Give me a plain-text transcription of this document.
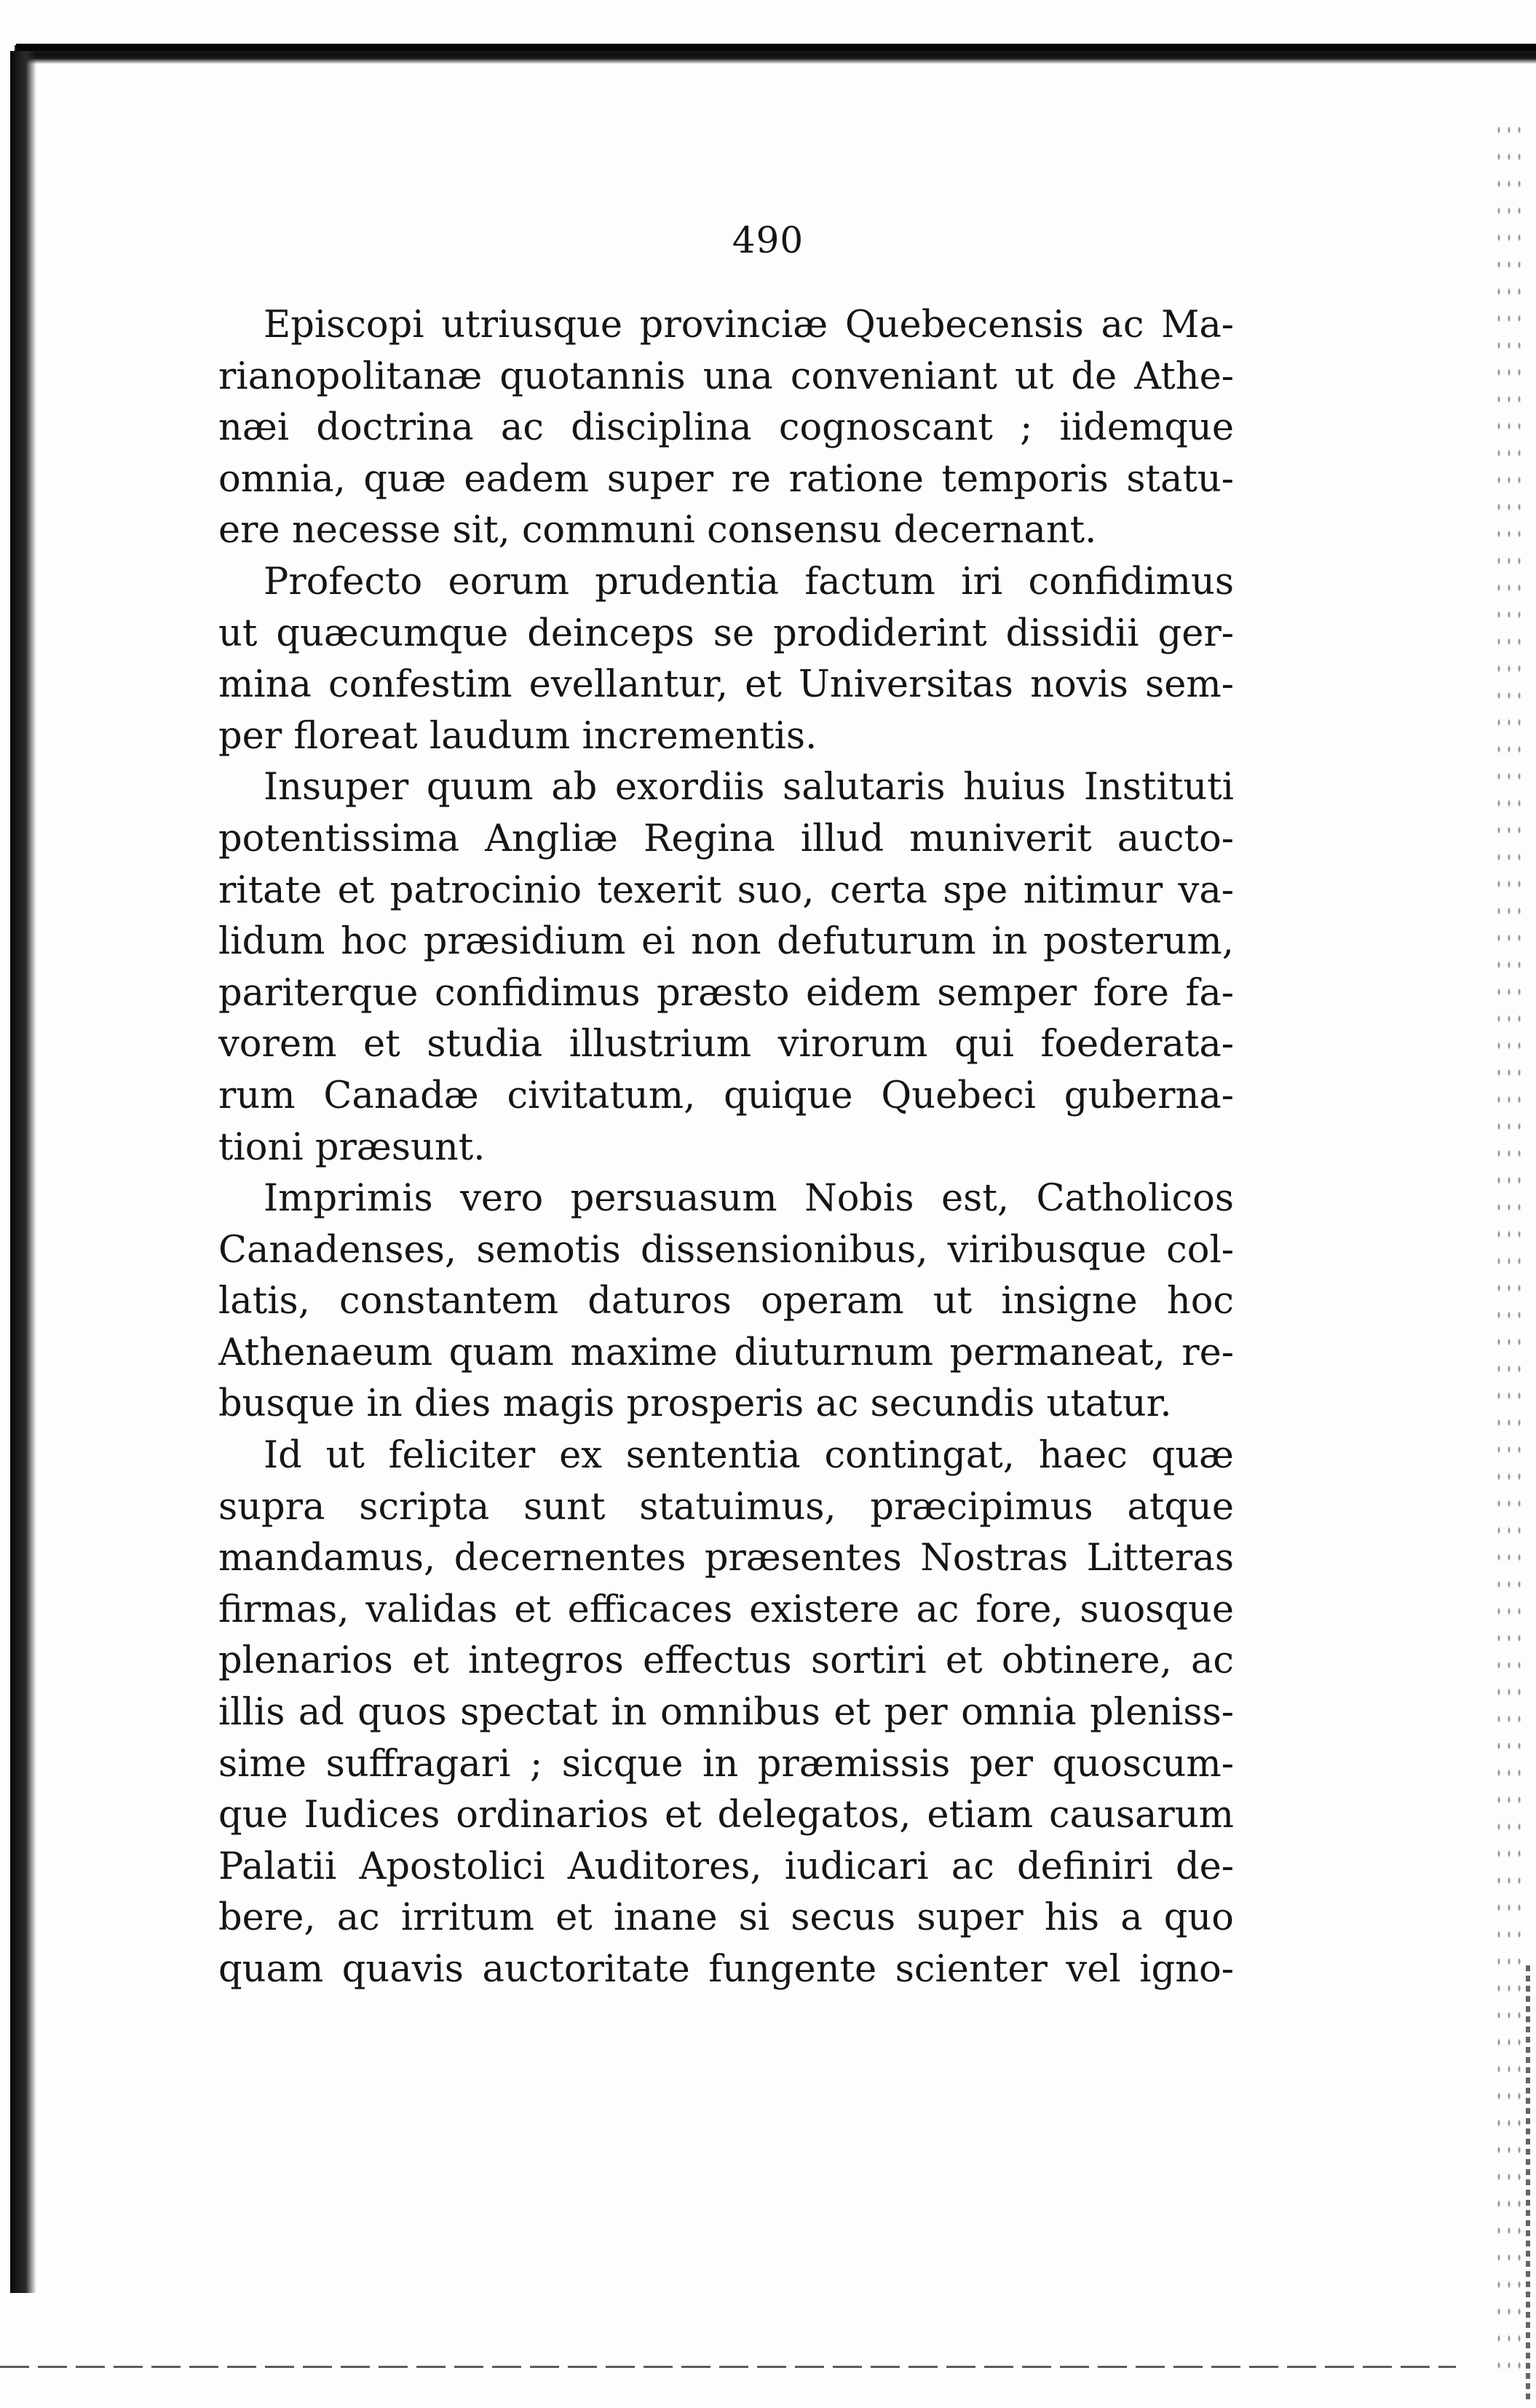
490
Episcopi utriusque provinciæ Quebecensis ac Ma-
rianopolitanæ quotannis una conveniant ut de Athe-
næi doctrina ac disciplina cognoscant ; iidemque
omnia, quæ eadem super re ratione temporis statu-
ere necesse sit, communi consensu decernant.
Profecto eorum prudentia factum iri confidimus
ut quæcumque deinceps se prodiderint dissidii ger-
mina confestim evellantur, et Universitas novis sem-
per floreat laudum incrementis.
Insuper quum ab exordiis salutaris huius Instituti
potentissima Angliæ Regina illud muniverit aucto-
ritate et patrocinio texerit suo, certa spe nitimur va-
lidum hoc præsidium ei non defuturum in posterum,
pariterque confidimus præsto eidem semper fore fa-
vorem et studia illustrium virorum qui foederata-
rum Canadæ civitatum, quique Quebeci guberna-
tioni præsunt.
Imprimis vero persuasum Nobis est, Catholicos
Canadenses, semotis dissensionibus, viribusque col-
latis, constantem daturos operam ut insigne hoc
Athenaeum quam maxime diuturnum permaneat, re-
busque in dies magis prosperis ac secundis utatur.
Id ut feliciter ex sententia contingat, haec quæ
supra scripta sunt statuimus, præcipimus atque
mandamus, decernentes præsentes Nostras Litteras
firmas, validas et efficaces existere ac fore, suosque
plenarios et integros effectus sortiri et obtinere, ac
illis ad quos spectat in omnibus et per omnia pleniss-
sime suffragari ; sicque in præmissis per quoscum-
que Iudices ordinarios et delegatos, etiam causarum
Palatii Apostolici Auditores, iudicari ac definiri de-
bere, ac irritum et inane si secus super his a quo
quam quavis auctoritate fungente scienter vel igno-
